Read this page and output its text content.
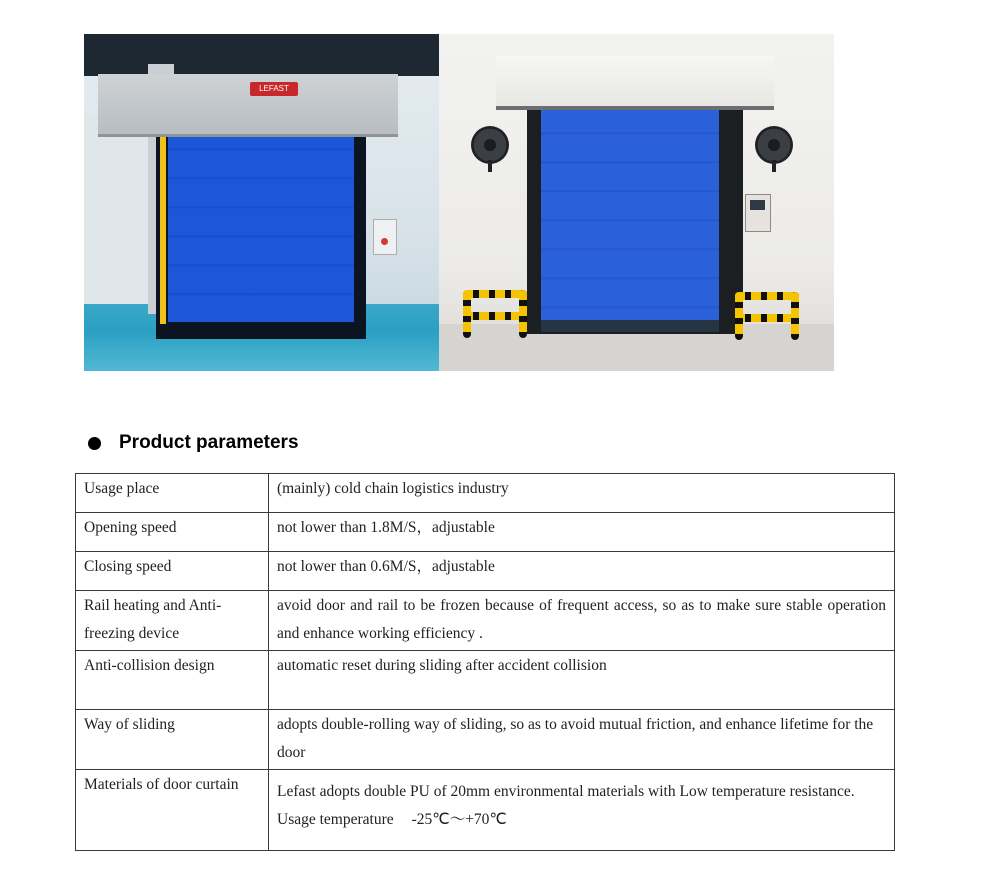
LEFAST
Product parameters
Usage place	(mainly) cold chain logistics industry
Opening speed	not lower than 1.8M/S，adjustable
Closing speed	not lower than 0.6M/S，adjustable
Rail heating and Anti-freezing device	avoid door and rail to be frozen because of frequent access, so as to make sure stable operation and enhance working efficiency .
Anti-collision design	automatic reset during sliding after accident collision
Way of sliding	adopts double-rolling way of sliding, so as to avoid mutual friction, and enhance lifetime for the door
Materials of door curtain	Lefast adopts double PU of 20mm environmental materials with Low temperature resistance.Usage temperature -25℃～+70℃
